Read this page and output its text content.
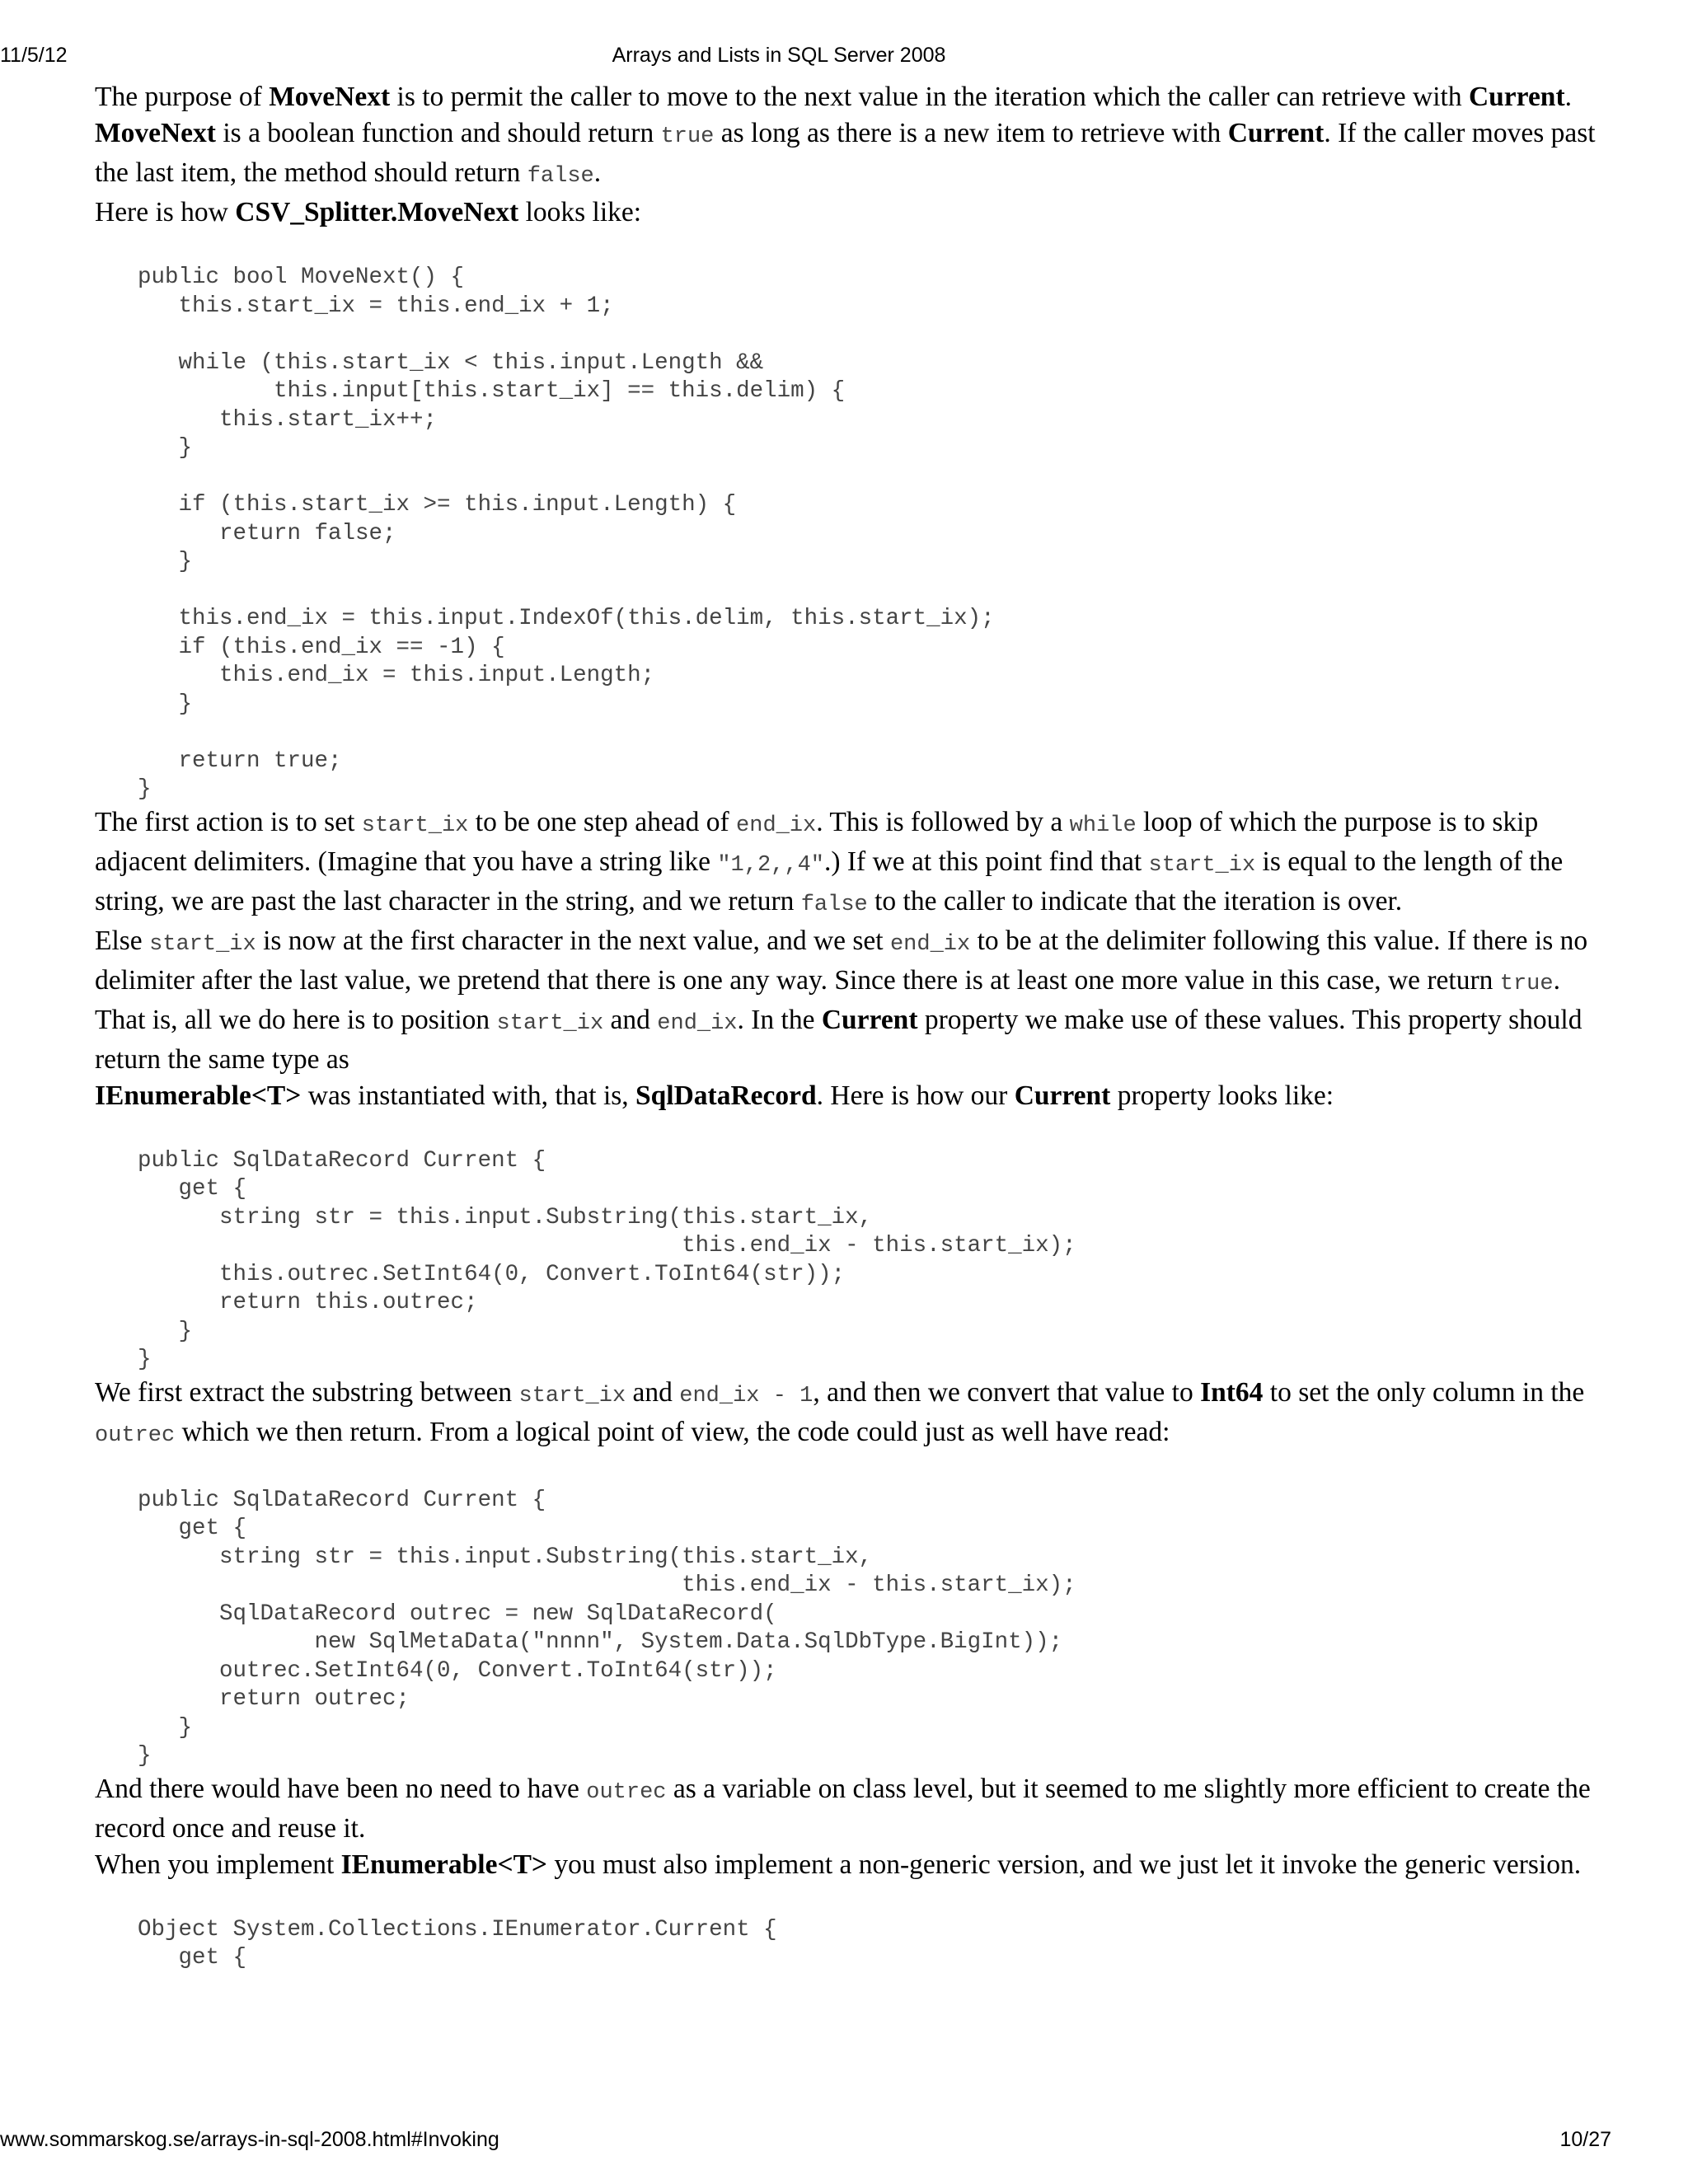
11/5/12	Arrays and Lists in SQL Server 2008

The purpose of MoveNext is to permit the caller to move to the next value in the iteration which the caller can retrieve with Current.
MoveNext is a boolean function and should return true as long as there is a new item to retrieve with Current. If the caller moves past the last item, the method should return false.

Here is how CSV_Splitter.MoveNext looks like:

public bool MoveNext() {
this.start_ix = this.end_ix + 1;

while (this.start_ix < this.input.Length &&
this.input[this.start_ix] == this.delim) {
this.start_ix++;
}

if (this.start_ix >= this.input.Length) {
return false;
}

this.end_ix = this.input.IndexOf(this.delim, this.start_ix);
if (this.end_ix == -1) {
this.end_ix = this.input.Length;
}

return true;
}

The first action is to set start_ix to be one step ahead of end_ix. This is followed by a while loop of which the purpose is to skip adjacent delimiters. (Imagine that you have a string like "1,2,,4".) If we at this point find that start_ix is equal to the length of the string, we are past the last character in the string, and we return false to the caller to indicate that the iteration is over.

Else start_ix is now at the first character in the next value, and we set end_ix to be at the delimiter following this value. If there is no delimiter after the last value, we pretend that there is one any way. Since there is at least one more value in this case, we return true.

That is, all we do here is to position start_ix and end_ix. In the Current property we make use of these values. This property should return the same type as
IEnumerable<T> was instantiated with, that is, SqlDataRecord. Here is how our Current property looks like:

public SqlDataRecord Current {
get {
string str = this.input.Substring(this.start_ix,
this.end_ix - this.start_ix);
this.outrec.SetInt64(0, Convert.ToInt64(str));
return this.outrec;
}
}

We first extract the substring between start_ix and end_ix - 1, and then we convert that value to Int64 to set the only column in the
outrec which we then return. From a logical point of view, the code could just as well have read:

public SqlDataRecord Current {
get {
string str = this.input.Substring(this.start_ix,
this.end_ix - this.start_ix);
SqlDataRecord outrec = new SqlDataRecord(
new SqlMetaData("nnnn", System.Data.SqlDbType.BigInt));
outrec.SetInt64(0, Convert.ToInt64(str));
return outrec;
}
}

And there would have been no need to have outrec as a variable on class level, but it seemed to me slightly more efficient to create the record once and reuse it.

When you implement IEnumerable<T> you must also implement a non-generic version, and we just let it invoke the generic version.

Object System.Collections.IEnumerator.Current {
get {
www.sommarskog.se/arrays-in-sql-2008.html#Invoking	10/27
